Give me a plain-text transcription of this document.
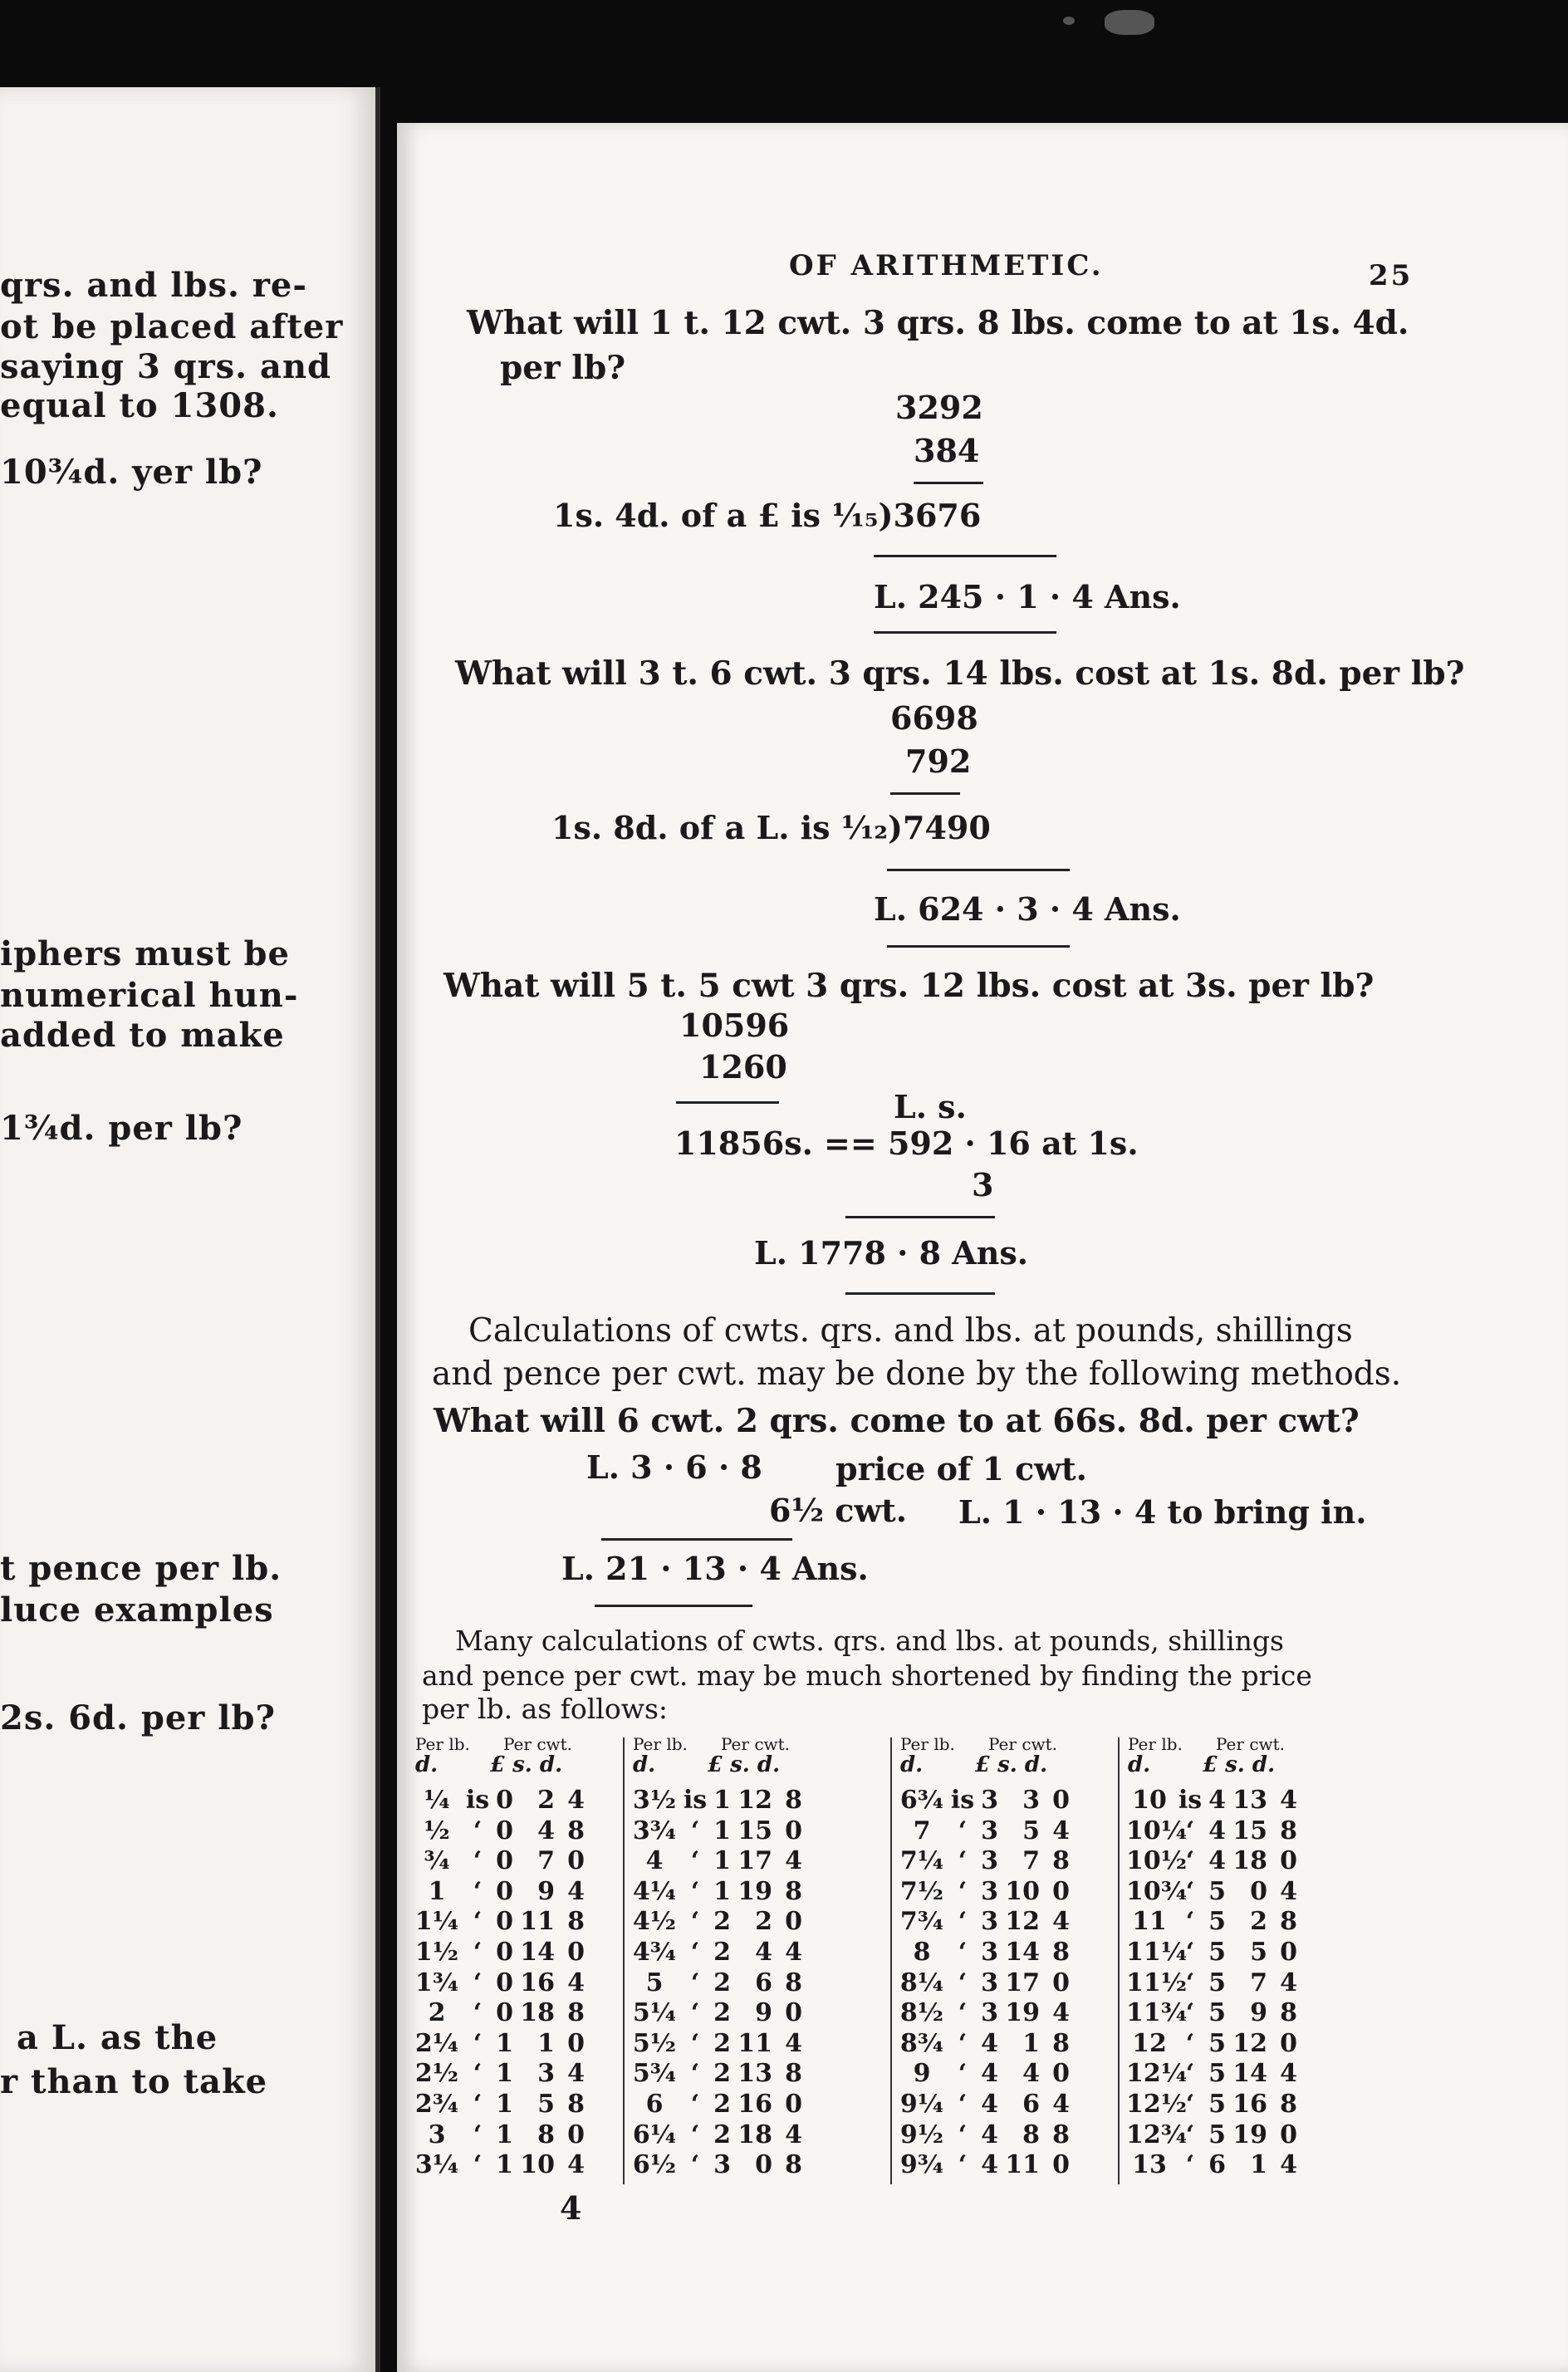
qrs. and lbs. re-
ot be placed after
saying 3 qrs. and
equal to 1308.
10¾d. yer lb?
iphers must be
numerical hun-
added to make
1¾d. per lb?
t pence per lb.
luce examples
2s. 6d. per lb?
a L. as the
r than to take
OF ARITHMETIC.	25
What will 1 t. 12 cwt. 3 qrs. 8 lbs. come to at 1s. 4d.
per lb?
3292
384
1s. 4d. of a £ is ¹⁄₁₅)3676
L. 245 · 1 · 4 Ans.
What will 3 t. 6 cwt. 3 qrs. 14 lbs. cost at 1s. 8d. per lb?
6698
792
1s. 8d. of a L. is ¹⁄₁₂)7490
L. 624 · 3 · 4 Ans.
What will 5 t. 5 cwt 3 qrs. 12 lbs. cost at 3s. per lb?
10596
1260
L. s.
11856s. == 592 · 16 at 1s.
3
L. 1778 · 8 Ans.
Calculations of cwts. qrs. and lbs. at pounds, shillings
and pence per cwt. may be done by the following methods.
What will 6 cwt. 2 qrs. come to at 66s. 8d. per cwt?
L. 3 · 6 · 8 price of 1 cwt.
6½ cwt. L. 1 · 13 · 4 to bring in.
L. 21 · 13 · 4 Ans.
Many calculations of cwts. qrs. and lbs. at pounds, shillings
and pence per cwt. may be much shortened by finding the price
per lb. as follows:
Per lb. Per cwt.
d. £ s. d.
¼
½
¾
1
1¼
1½
1¾
2
2¼
2½
2¾
3
3¼
is
‘
‘
‘
‘
‘
‘
‘
‘
‘
‘
‘
‘
0
0
0
0
0
0
0
0
1
1
1
1
1
2
4
7
9
11
14
16
18
1
3
5
8
10
4
8
0
4
8
0
4
8
0
4
8
0
4
Per lb. Per cwt.
d. £ s. d.
3½
3¾
4
4¼
4½
4¾
5
5¼
5½
5¾
6
6¼
6½
is
‘
‘
‘
‘
‘
‘
‘
‘
‘
‘
‘
‘
1
1
1
1
2
2
2
2
2
2
2
2
3
12
15
17
19
2
4
6
9
11
13
16
18
0
8
0
4
8
0
4
8
0
4
8
0
4
8
Per lb. Per cwt.
d. £ s. d.
6¾
7
7¼
7½
7¾
8
8¼
8½
8¾
9
9¼
9½
9¾
is
‘
‘
‘
‘
‘
‘
‘
‘
‘
‘
‘
‘
3
3
3
3
3
3
3
3
4
4
4
4
4
3
5
7
10
12
14
17
19
1
4
6
8
11
0
4
8
0
4
8
0
4
8
0
4
8
0
Per lb. Per cwt.
d. £ s. d.
10
10¼
10½
10¾
11
11¼
11½
11¾
12
12¼
12½
12¾
13
is
‘
‘
‘
‘
‘
‘
‘
‘
‘
‘
‘
‘
4
4
4
5
5
5
5
5
5
5
5
5
6
13
15
18
0
2
5
7
9
12
14
16
19
1
4
8
0
4
8
0
4
8
0
4
8
0
4
4
